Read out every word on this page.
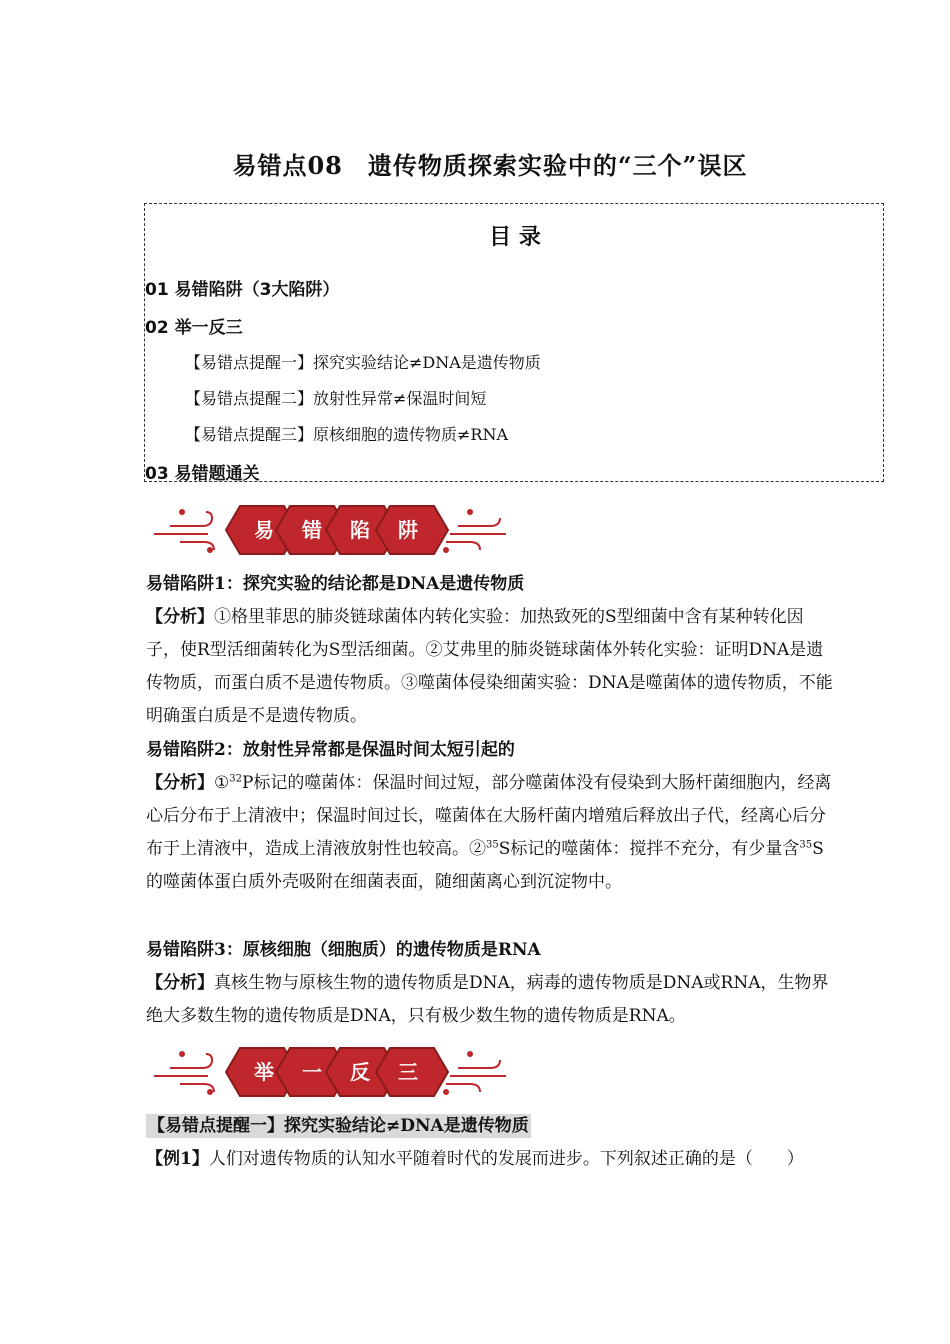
易错点08　遗传物质探索实验中的“三个”误区
目 录
01 易错陷阱（3大陷阱）
02 举一反三
【易错点提醒一】探究实验结论≠DNA是遗传物质
【易错点提醒二】放射性异常≠保温时间短
【易错点提醒三】原核细胞的遗传物质≠RNA
03 易错题通关
易 错 陷 阱
易错陷阱1：探究实验的结论都是DNA是遗传物质
【分析】①格里菲思的肺炎链球菌体内转化实验：加热致死的S型细菌中含有某种转化因子，使R型活细菌转化为S型活细菌。②艾弗里的肺炎链球菌体外转化实验：证明DNA是遗传物质，而蛋白质不是遗传物质。③噬菌体侵染细菌实验：DNA是噬菌体的遗传物质，不能明确蛋白质是不是遗传物质。
易错陷阱2：放射性异常都是保温时间太短引起的
【分析】①$^{32}$P标记的噬菌体：保温时间过短，部分噬菌体没有侵染到大肠杆菌细胞内，经离心后分布于上清液中；保温时间过长，噬菌体在大肠杆菌内增殖后释放出子代，经离心后分布于上清液中，造成上清液放射性也较高。②$^{35}$S标记的噬菌体：搅拌不充分，有少量含$^{35}$S的噬菌体蛋白质外壳吸附在细菌表面，随细菌离心到沉淀物中。
易错陷阱3：原核细胞（细胞质）的遗传物质是RNA
【分析】真核生物与原核生物的遗传物质是DNA，病毒的遗传物质是DNA或RNA，生物界绝大多数生物的遗传物质是DNA，只有极少数生物的遗传物质是RNA。
举 一 反 三
【易错点提醒一】探究实验结论≠DNA是遗传物质
【例1】人们对遗传物质的认知水平随着时代的发展而进步。下列叙述正确的是（　　）
